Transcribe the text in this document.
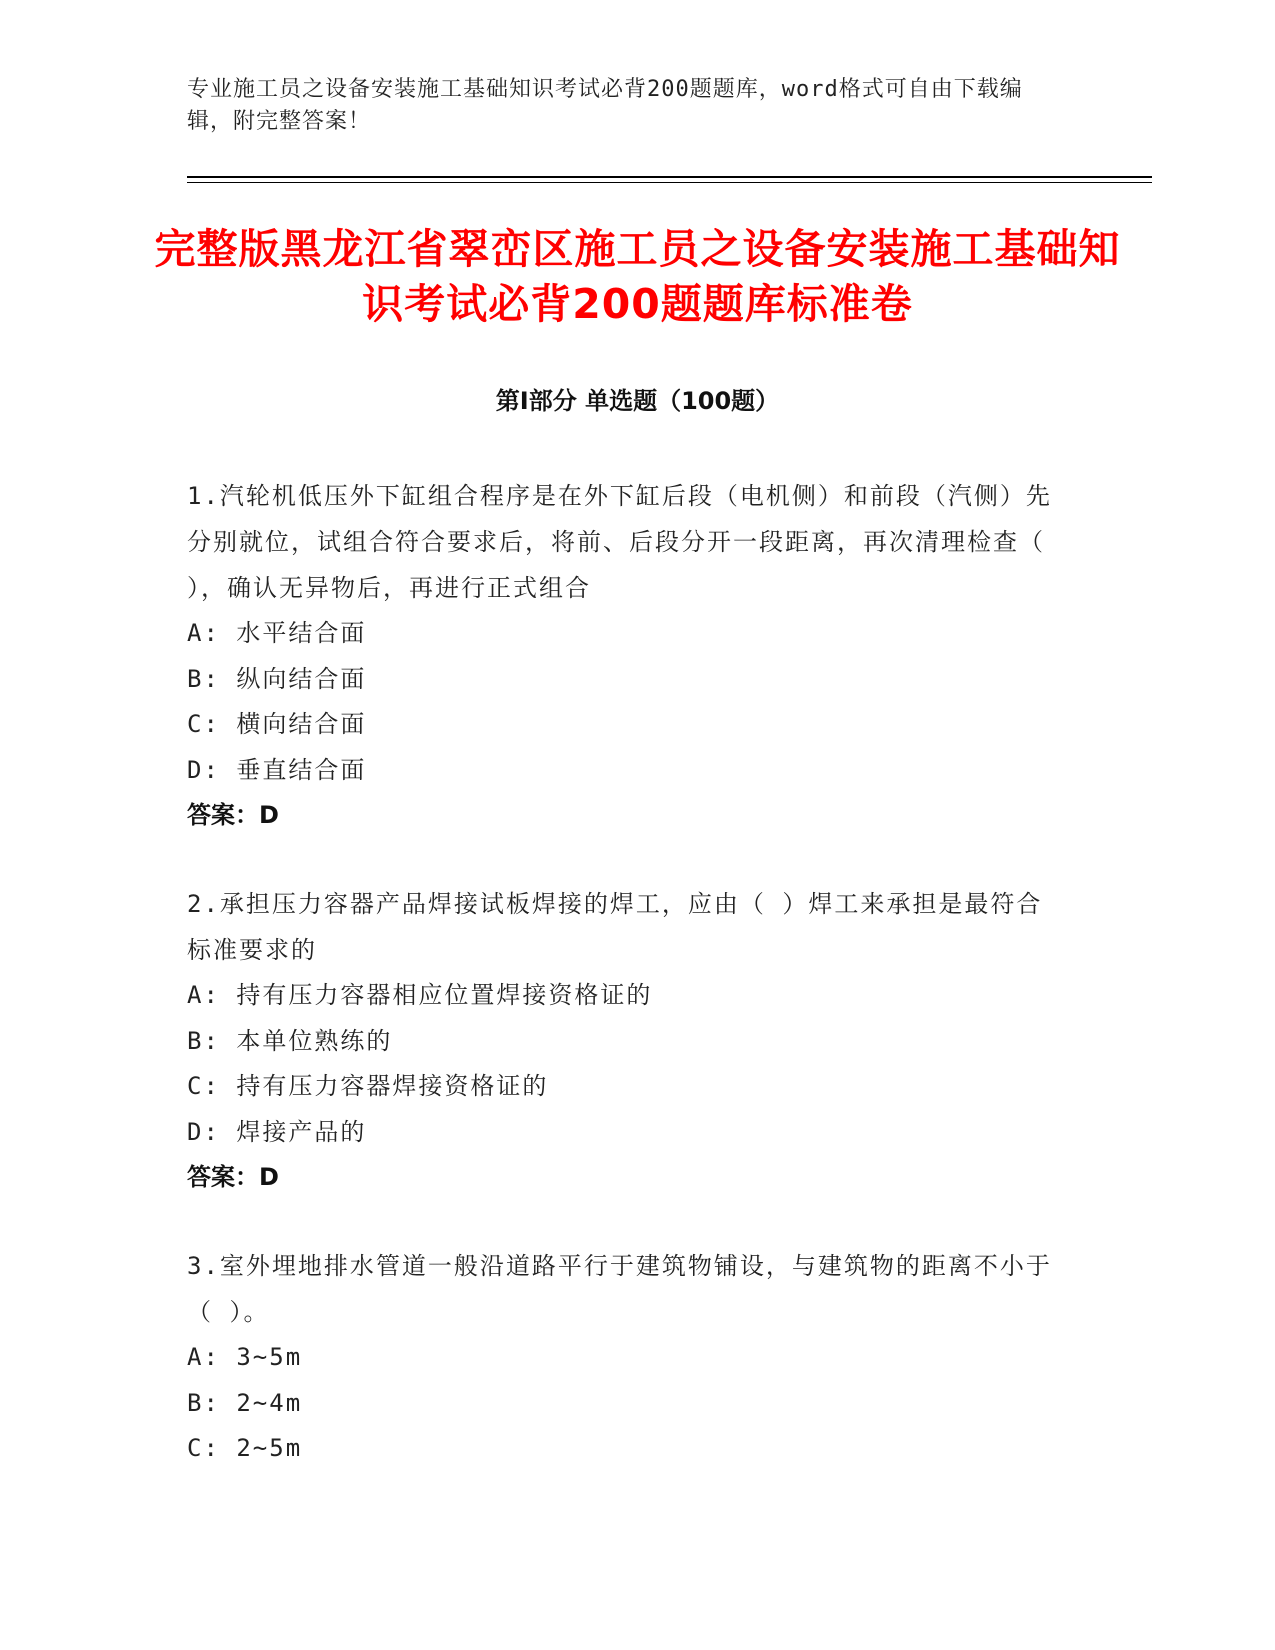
专业施工员之设备安装施工基础知识考试必背200题题库，word格式可自由下载编辑，附完整答案！
完整版黑龙江省翠峦区施工员之设备安装施工基础知识考试必背200题题库标准卷
第I部分 单选题（100题）
1.汽轮机低压外下缸组合程序是在外下缸后段（电机侧）和前段（汽侧）先分别就位，试组合符合要求后，将前、后段分开一段距离，再次清理检查（ ），确认无异物后，再进行正式组合
A: 水平结合面
B: 纵向结合面
C: 横向结合面
D: 垂直结合面
答案：D
2.承担压力容器产品焊接试板焊接的焊工，应由（ ）焊工来承担是最符合标准要求的
A: 持有压力容器相应位置焊接资格证的
B: 本单位熟练的
C: 持有压力容器焊接资格证的
D: 焊接产品的
答案：D
3.室外埋地排水管道一般沿道路平行于建筑物铺设，与建筑物的距离不小于（ ）。
A: 3~5m
B: 2~4m
C: 2~5m
